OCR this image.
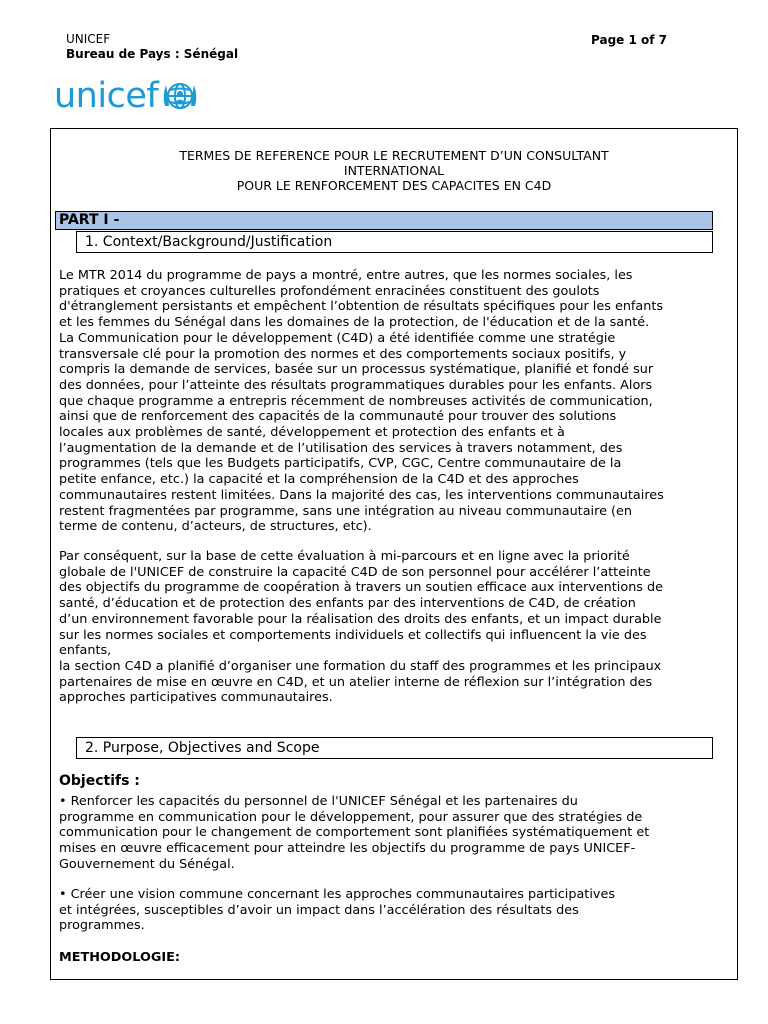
UNICEF
Bureau de Pays : Sénégal
Page 1 of 7
unicef
TERMES DE REFERENCE POUR LE RECRUTEMENT D’UN CONSULTANT
INTERNATIONAL
POUR LE RENFORCEMENT DES CAPACITES EN C4D
PART I -
1. Context/Background/Justification
Le MTR 2014 du programme de pays a montré, entre autres, que les normes sociales, les
pratiques et croyances culturelles profondément enracinées constituent des goulots
d'étranglement persistants et empêchent l’obtention de résultats spécifiques pour les enfants
et les femmes du Sénégal dans les domaines de la protection, de l'éducation et de la santé.
La Communication pour le développement (C4D) a été identifiée comme une stratégie
transversale clé pour la promotion des normes et des comportements sociaux positifs, y
compris la demande de services, basée sur un processus systématique, planifié et fondé sur
des données, pour l’atteinte des résultats programmatiques durables pour les enfants. Alors
que chaque programme a entrepris récemment de nombreuses activités de communication,
ainsi que de renforcement des capacités de la communauté pour trouver des solutions
locales aux problèmes de santé, développement et protection des enfants et à
l’augmentation de la demande et de l’utilisation des services à travers notamment, des
programmes (tels que les Budgets participatifs, CVP, CGC, Centre communautaire de la
petite enfance, etc.) la capacité et la compréhension de la C4D et des approches
communautaires restent limitées. Dans la majorité des cas, les interventions communautaires
restent fragmentées par programme, sans une intégration au niveau communautaire (en
terme de contenu, d’acteurs, de structures, etc).
Par conséquent, sur la base de cette évaluation à mi-parcours et en ligne avec la priorité
globale de l'UNICEF de construire la capacité C4D de son personnel pour accélérer l’atteinte
des objectifs du programme de coopération à travers un soutien efficace aux interventions de
santé, d’éducation et de protection des enfants par des interventions de C4D, de création
d’un environnement favorable pour la réalisation des droits des enfants, et un impact durable
sur les normes sociales et comportements individuels et collectifs qui influencent la vie des
enfants,
la section C4D a planifié d’organiser une formation du staff des programmes et les principaux
partenaires de mise en œuvre en C4D, et un atelier interne de réflexion sur l’intégration des
approches participatives communautaires.
2. Purpose, Objectives and Scope
Objectifs :
• Renforcer les capacités du personnel de l'UNICEF Sénégal et les partenaires du
programme en communication pour le développement, pour assurer que des stratégies de
communication pour le changement de comportement sont planifiées systématiquement et
mises en œuvre efficacement pour atteindre les objectifs du programme de pays UNICEF-
Gouvernement du Sénégal.
• Créer une vision commune concernant les approches communautaires participatives
et intégrées, susceptibles d’avoir un impact dans l’accélération des résultats des
programmes.
METHODOLOGIE:
